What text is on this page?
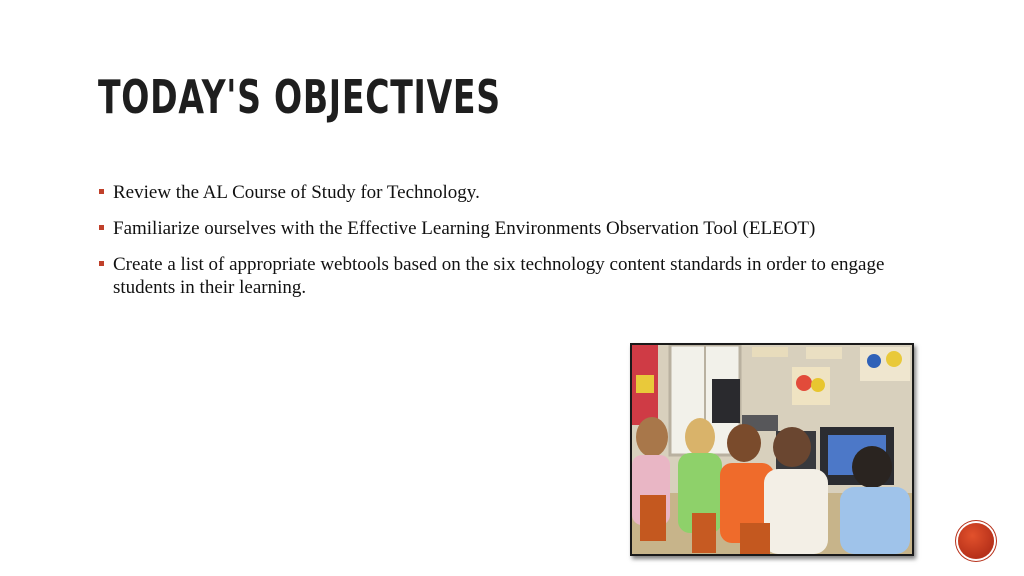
TODAY'S OBJECTIVES
Review the AL Course of Study for Technology.
Familiarize ourselves with the Effective Learning Environments Observation Tool (ELEOT)
Create a list of appropriate webtools based on the six technology content standards in order to engage students in their learning.
